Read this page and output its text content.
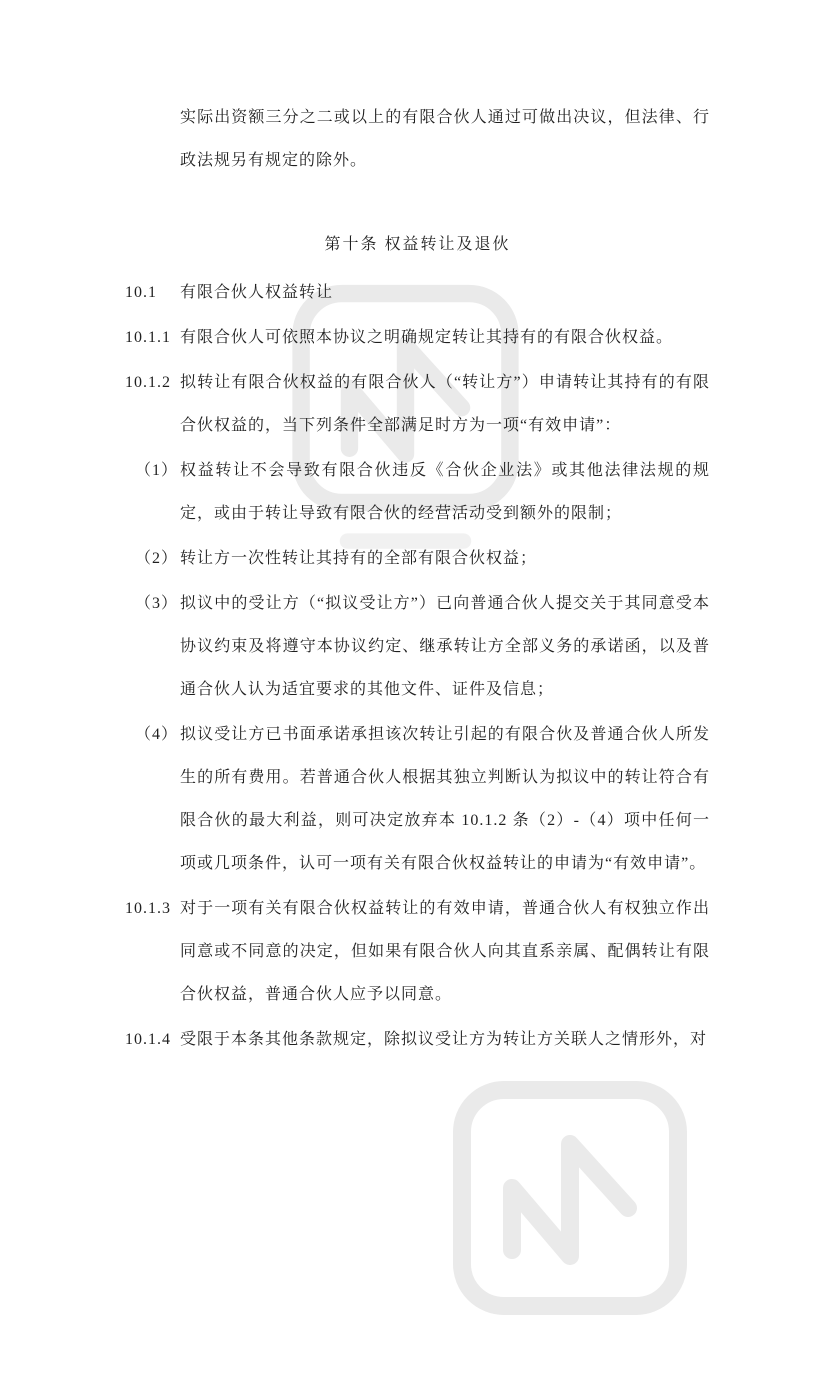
实际出资额三分之二或以上的有限合伙人通过可做出决议，但法律、行政法规另有规定的除外。
第十条 权益转让及退伙
10.1 有限合伙人权益转让
10.1.1 有限合伙人可依照本协议之明确规定转让其持有的有限合伙权益。
10.1.2 拟转让有限合伙权益的有限合伙人（“转让方”）申请转让其持有的有限合伙权益的，当下列条件全部满足时方为一项“有效申请”：
（1） 权益转让不会导致有限合伙违反《合伙企业法》或其他法律法规的规定，或由于转让导致有限合伙的经营活动受到额外的限制；
（2） 转让方一次性转让其持有的全部有限合伙权益；
（3） 拟议中的受让方（“拟议受让方”）已向普通合伙人提交关于其同意受本协议约束及将遵守本协议约定、继承转让方全部义务的承诺函，以及普通合伙人认为适宜要求的其他文件、证件及信息；
（4） 拟议受让方已书面承诺承担该次转让引起的有限合伙及普通合伙人所发生的所有费用。若普通合伙人根据其独立判断认为拟议中的转让符合有限合伙的最大利益，则可决定放弃本 10.1.2 条（2）-（4）项中任何一项或几项条件，认可一项有关有限合伙权益转让的申请为“有效申请”。
10.1.3 对于一项有关有限合伙权益转让的有效申请，普通合伙人有权独立作出同意或不同意的决定，但如果有限合伙人向其直系亲属、配偶转让有限合伙权益，普通合伙人应予以同意。
10.1.4 受限于本条其他条款规定，除拟议受让方为转让方关联人之情形外，对
